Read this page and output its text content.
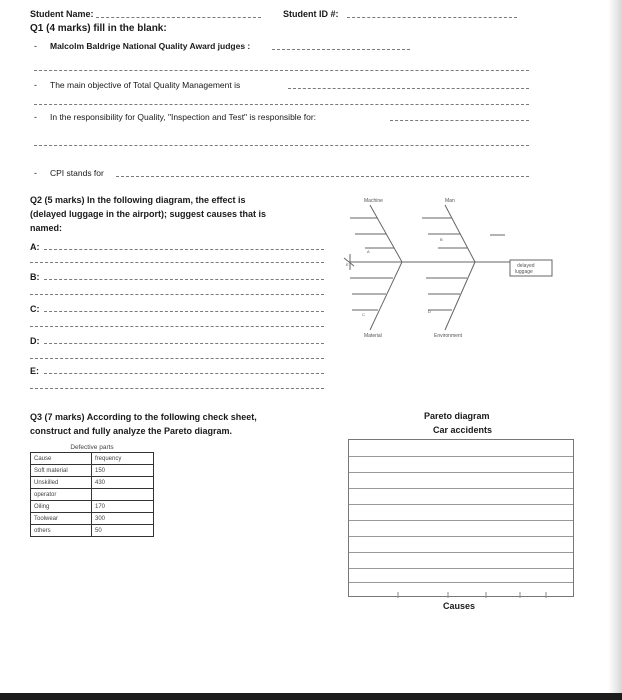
Student Name:	Student ID #:
Q1 (4 marks) fill in the blank:
- Malcolm Baldrige National Quality Award judges :
- The main objective of Total Quality Management is
- In the responsibility for Quality, "Inspection and Test" is responsible for:
- CPI stands for
Q2 (5 marks) In the following diagram, the effect is
(delayed luggage in the airport); suggest causes that is
named:
A:
B:
C:
D:
E:
Machine	Man
Material	Environment
delayed
luggage
A
B
C
D
E
Q3 (7 marks) According to the following check sheet,
construct and fully analyze the Pareto diagram.
Defective parts	
Cause	frequency
Soft material	150
Unskilled	430
operator	
Oiling	170
Toolwear	300
others	50
Pareto diagram
Car accidents
Causes
